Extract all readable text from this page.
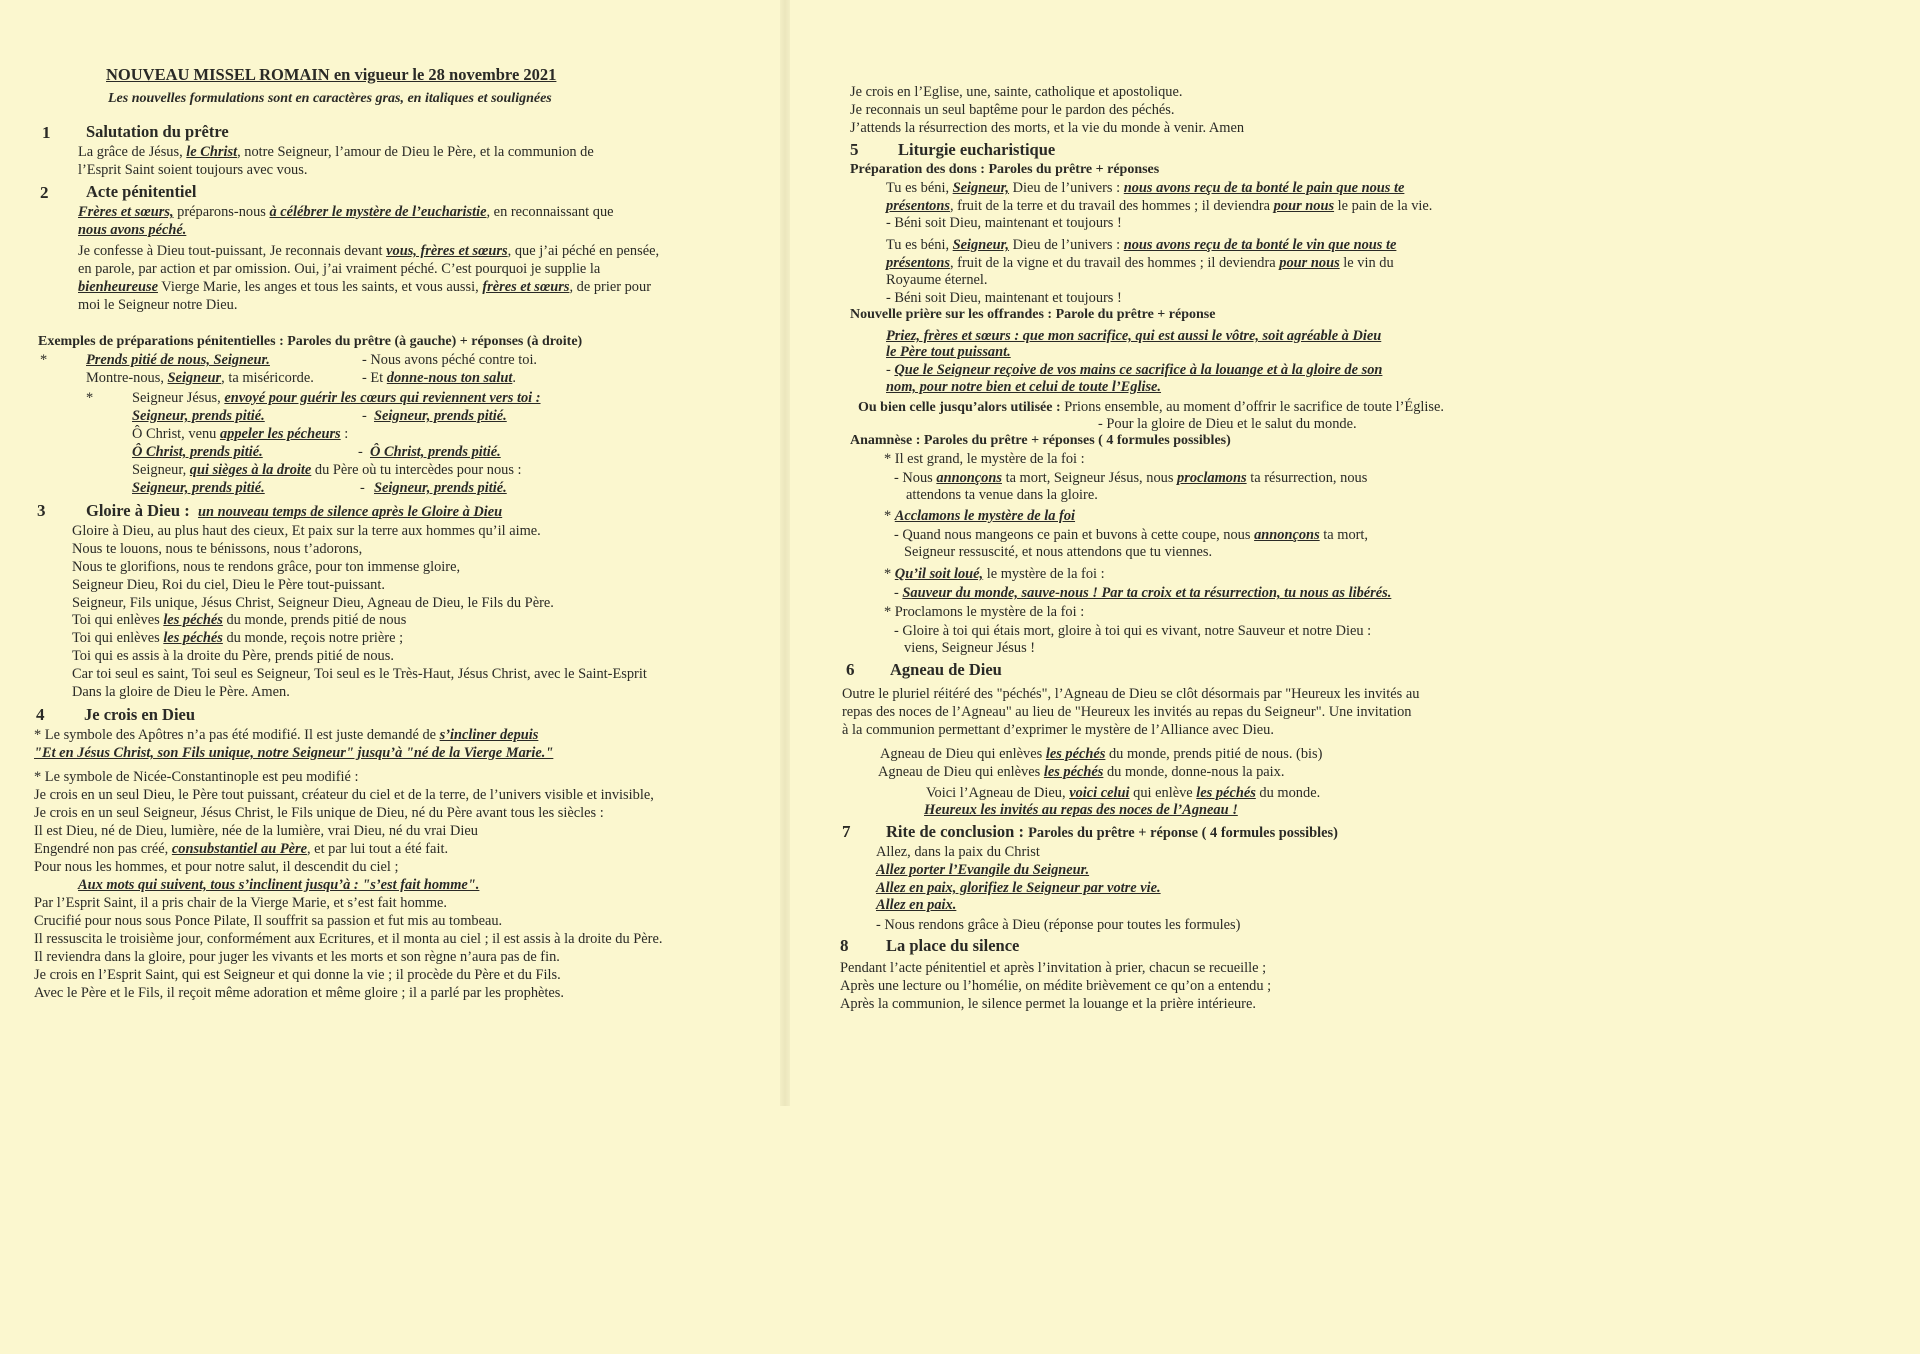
NOUVEAU MISSEL ROMAIN en vigueur le 28 novembre 2021
Les nouvelles formulations sont en caractères gras, en italiques et soulignées
1 Salutation du prêtre
La grâce de Jésus, le Christ, notre Seigneur, l’amour de Dieu le Père, et la communion de
l’Esprit Saint soient toujours avec vous.
2 Acte pénitentiel
Frères et sœurs, préparons-nous à célébrer le mystère de l’eucharistie, en reconnaissant que
nous avons péché.
Je confesse à Dieu tout-puissant, Je reconnais devant vous, frères et sœurs, que j’ai péché en pensée,
en parole, par action et par omission. Oui, j’ai vraiment péché. C’est pourquoi je supplie la
bienheureuse Vierge Marie, les anges et tous les saints, et vous aussi, frères et sœurs, de prier pour
moi le Seigneur notre Dieu.
Exemples de préparations pénitentielles : Paroles du prêtre (à gauche) + réponses (à droite)
*	Prends pitié de nous, Seigneur.	- Nous avons péché contre toi.
Montre-nous, Seigneur, ta miséricorde.	- Et donne-nous ton salut.
*	Seigneur Jésus, envoyé pour guérir les cœurs qui reviennent vers toi :
Seigneur, prends pitié.	- Seigneur, prends pitié.
Ô Christ, venu appeler les pécheurs :
Ô Christ, prends pitié.	- Ô Christ, prends pitié.
Seigneur, qui sièges à la droite du Père où tu intercèdes pour nous :
Seigneur, prends pitié.	- Seigneur, prends pitié.
3 Gloire à Dieu : un nouveau temps de silence après le Gloire à Dieu
Gloire à Dieu, au plus haut des cieux, Et paix sur la terre aux hommes qu’il aime.
Nous te louons, nous te bénissons, nous t’adorons,
Nous te glorifions, nous te rendons grâce, pour ton immense gloire,
Seigneur Dieu, Roi du ciel, Dieu le Père tout-puissant.
Seigneur, Fils unique, Jésus Christ, Seigneur Dieu, Agneau de Dieu, le Fils du Père.
Toi qui enlèves les péchés du monde, prends pitié de nous
Toi qui enlèves les péchés du monde, reçois notre prière ;
Toi qui es assis à la droite du Père, prends pitié de nous.
Car toi seul es saint, Toi seul es Seigneur, Toi seul es le Très-Haut, Jésus Christ, avec le Saint-Esprit
Dans la gloire de Dieu le Père. Amen.
4 Je crois en Dieu
* Le symbole des Apôtres n’a pas été modifié. Il est juste demandé de s’incliner depuis
"Et en Jésus Christ, son Fils unique, notre Seigneur" jusqu’à "né de la Vierge Marie."
* Le symbole de Nicée-Constantinople est peu modifié :
Je crois en un seul Dieu, le Père tout puissant, créateur du ciel et de la terre, de l’univers visible et invisible,
Je crois en un seul Seigneur, Jésus Christ, le Fils unique de Dieu, né du Père avant tous les siècles :
Il est Dieu, né de Dieu, lumière, née de la lumière, vrai Dieu, né du vrai Dieu
Engendré non pas créé, consubstantiel au Père, et par lui tout a été fait.
Pour nous les hommes, et pour notre salut, il descendit du ciel ;
Aux mots qui suivent, tous s’inclinent jusqu’à : "s’est fait homme".
Par l’Esprit Saint, il a pris chair de la Vierge Marie, et s’est fait homme.
Crucifié pour nous sous Ponce Pilate, Il souffrit sa passion et fut mis au tombeau.
Il ressuscita le troisième jour, conformément aux Ecritures, et il monta au ciel ; il est assis à la droite du Père.
Il reviendra dans la gloire, pour juger les vivants et les morts et son règne n’aura pas de fin.
Je crois en l’Esprit Saint, qui est Seigneur et qui donne la vie ; il procède du Père et du Fils.
Avec le Père et le Fils, il reçoit même adoration et même gloire ; il a parlé par les prophètes.
Je crois en l’Eglise, une, sainte, catholique et apostolique.
Je reconnais un seul baptême pour le pardon des péchés.
J’attends la résurrection des morts, et la vie du monde à venir. Amen
5 Liturgie eucharistique
Préparation des dons : Paroles du prêtre + réponses
Tu es béni, Seigneur, Dieu de l’univers : nous avons reçu de ta bonté le pain que nous te
présentons, fruit de la terre et du travail des hommes ; il deviendra pour nous le pain de la vie.
- Béni soit Dieu, maintenant et toujours !
Tu es béni, Seigneur, Dieu de l’univers : nous avons reçu de ta bonté le vin que nous te
présentons, fruit de la vigne et du travail des hommes ; il deviendra pour nous le vin du
Royaume éternel.
- Béni soit Dieu, maintenant et toujours !
Nouvelle prière sur les offrandes : Parole du prêtre + réponse
Priez, frères et sœurs : que mon sacrifice, qui est aussi le vôtre, soit agréable à Dieu
le Père tout puissant.
- Que le Seigneur reçoive de vos mains ce sacrifice à la louange et à la gloire de son
nom, pour notre bien et celui de toute l’Eglise.
Ou bien celle jusqu’alors utilisée : Prions ensemble, au moment d’offrir le sacrifice de toute l’Église.
- Pour la gloire de Dieu et le salut du monde.
Anamnèse : Paroles du prêtre + réponses ( 4 formules possibles)
* Il est grand, le mystère de la foi :
- Nous annonçons ta mort, Seigneur Jésus, nous proclamons ta résurrection, nous
attendons ta venue dans la gloire.
* Acclamons le mystère de la foi
- Quand nous mangeons ce pain et buvons à cette coupe, nous annonçons ta mort,
Seigneur ressuscité, et nous attendons que tu viennes.
* Qu’il soit loué, le mystère de la foi :
- Sauveur du monde, sauve-nous ! Par ta croix et ta résurrection, tu nous as libérés.
* Proclamons le mystère de la foi :
- Gloire à toi qui étais mort, gloire à toi qui es vivant, notre Sauveur et notre Dieu :
viens, Seigneur Jésus !
6 Agneau de Dieu
Outre le pluriel réitéré des "péchés", l’Agneau de Dieu se clôt désormais par "Heureux les invités au
repas des noces de l’Agneau" au lieu de "Heureux les invités au repas du Seigneur". Une invitation
à la communion permettant d’exprimer le mystère de l’Alliance avec Dieu.
Agneau de Dieu qui enlèves les péchés du monde, prends pitié de nous. (bis)
Agneau de Dieu qui enlèves les péchés du monde, donne-nous la paix.
Voici l’Agneau de Dieu, voici celui qui enlève les péchés du monde.
Heureux les invités au repas des noces de l’Agneau !
7 Rite de conclusion : Paroles du prêtre + réponse ( 4 formules possibles)
Allez, dans la paix du Christ
Allez porter l’Evangile du Seigneur.
Allez en paix, glorifiez le Seigneur par votre vie.
Allez en paix.
- Nous rendons grâce à Dieu (réponse pour toutes les formules)
8 La place du silence
Pendant l’acte pénitentiel et après l’invitation à prier, chacun se recueille ;
Après une lecture ou l’homélie, on médite brièvement ce qu’on a entendu ;
Après la communion, le silence permet la louange et la prière intérieure.
